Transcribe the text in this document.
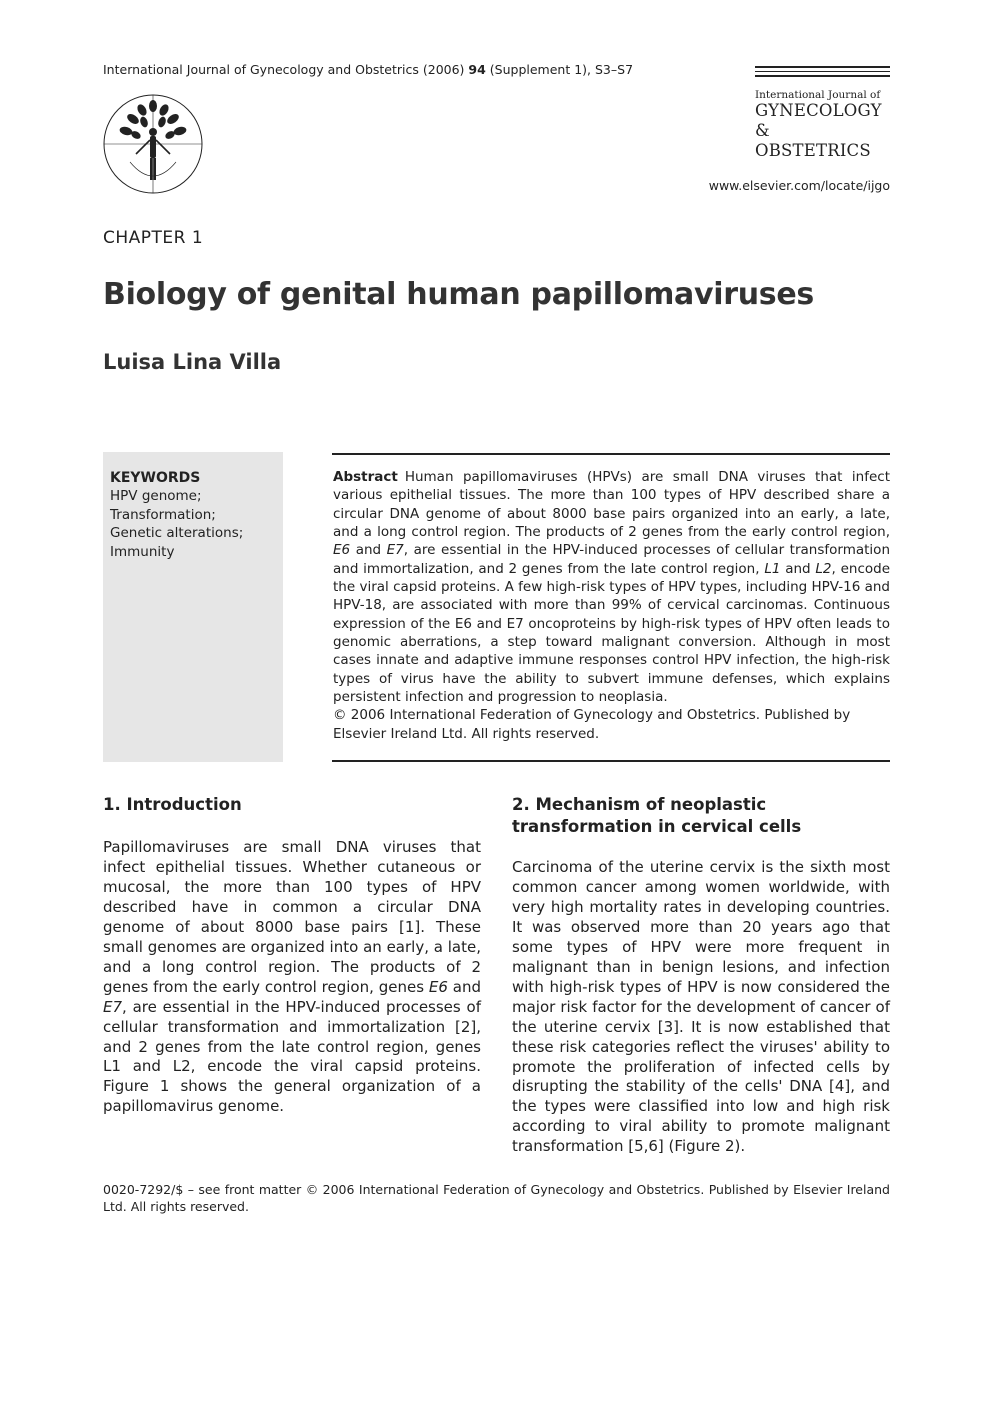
International Journal of Gynecology and Obstetrics (2006) 94 (Supplement 1), S3–S7
International Journal of
GYNECOLOGY
& OBSTETRICS
www.elsevier.com/locate/ijgo
CHAPTER 1
Biology of genital human papillomaviruses
Luisa Lina Villa
KEYWORDS
HPV genome;
Transformation;
Genetic alterations;
Immunity
Abstract Human papillomaviruses (HPVs) are small DNA viruses that infect various epithelial tissues. The more than 100 types of HPV described share a circular DNA genome of about 8000 base pairs organized into an early, a late, and a long control region. The products of 2 genes from the early control region, E6 and E7, are essential in the HPV-induced processes of cellular transformation and immortalization, and 2 genes from the late control region, L1 and L2, encode the viral capsid proteins. A few high-risk types of HPV types, including HPV-16 and HPV-18, are associated with more than 99% of cervical carcinomas. Continuous expression of the E6 and E7 oncoproteins by high-risk types of HPV often leads to genomic aberrations, a step toward malignant conversion. Although in most cases innate and adaptive immune responses control HPV infection, the high-risk types of virus have the ability to subvert immune defenses, which explains persistent infection and progression to neoplasia.
© 2006 International Federation of Gynecology and Obstetrics. Published by Elsevier Ireland Ltd. All rights reserved.
1. Introduction
Papillomaviruses are small DNA viruses that infect epithelial tissues. Whether cutaneous or mucosal, the more than 100 types of HPV described have in common a circular DNA genome of about 8000 base pairs [1]. These small genomes are organized into an early, a late, and a long control region. The products of 2 genes from the early control region, genes E6 and E7, are essential in the HPV-induced processes of cellular transformation and immortalization [2], and 2 genes from the late control region, genes L1 and L2, encode the viral capsid proteins. Figure 1 shows the general organization of a papillomavirus genome.
2. Mechanism of neoplastic transformation in cervical cells
Carcinoma of the uterine cervix is the sixth most common cancer among women worldwide, with very high mortality rates in developing countries. It was observed more than 20 years ago that some types of HPV were more frequent in malignant than in benign lesions, and infection with high-risk types of HPV is now considered the major risk factor for the development of cancer of the uterine cervix [3]. It is now established that these risk categories reflect the viruses' ability to promote the proliferation of infected cells by disrupting the stability of the cells' DNA [4], and the types were classified into low and high risk according to viral ability to promote malignant transformation [5,6] (Figure 2).
0020-7292/$ – see front matter © 2006 International Federation of Gynecology and Obstetrics. Published by Elsevier Ireland Ltd. All rights reserved.
